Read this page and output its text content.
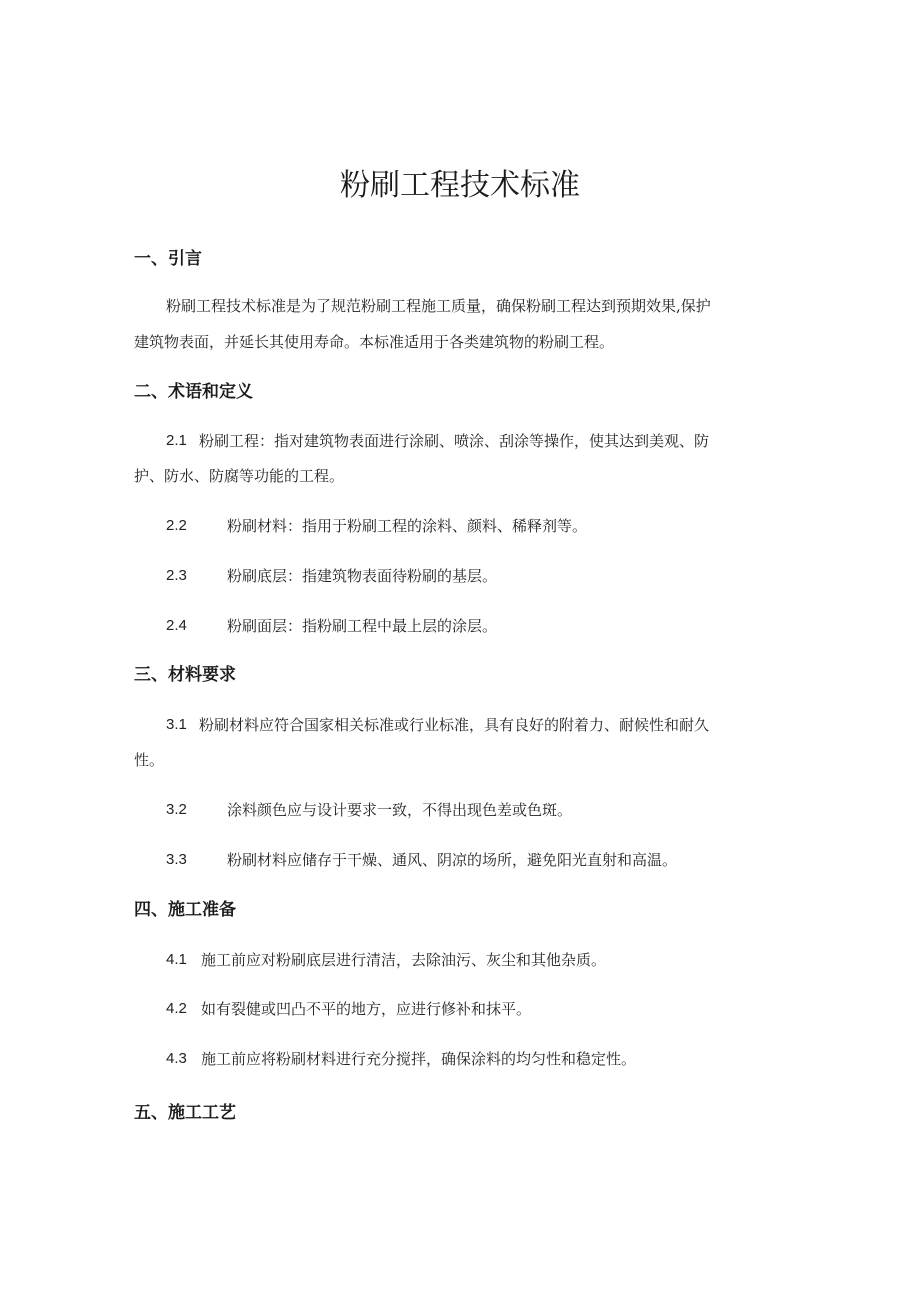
粉刷工程技术标准
一、引言
粉刷工程技术标准是为了规范粉刷工程施工质量，确保粉刷工程达到预期效果,保护
建筑物表面，并延长其使用寿命。本标准适用于各类建筑物的粉刷工程。
二、术语和定义
2.1 粉刷工程：指对建筑物表面进行涂刷、喷涂、刮涂等操作，使其达到美观、防
护、防水、防腐等功能的工程。
2.2	粉刷材料：指用于粉刷工程的涂料、颜料、稀释剂等。
2.3	粉刷底层：指建筑物表面待粉刷的基层。
2.4	粉刷面层：指粉刷工程中最上层的涂层。
三、材料要求
3.1 粉刷材料应符合国家相关标准或行业标准，具有良好的附着力、耐候性和耐久
性。
3.2	涂料颜色应与设计要求一致，不得出现色差或色斑。
3.3	粉刷材料应储存于干燥、通风、阴凉的场所，避免阳光直射和高温。
四、施工准备
4.1 施工前应对粉刷底层进行清洁，去除油污、灰尘和其他杂质。
4.2 如有裂健或凹凸不平的地方，应进行修补和抹平。
4.3 施工前应将粉刷材料进行充分搅拌，确保涂料的均匀性和稳定性。
五、施工工艺
